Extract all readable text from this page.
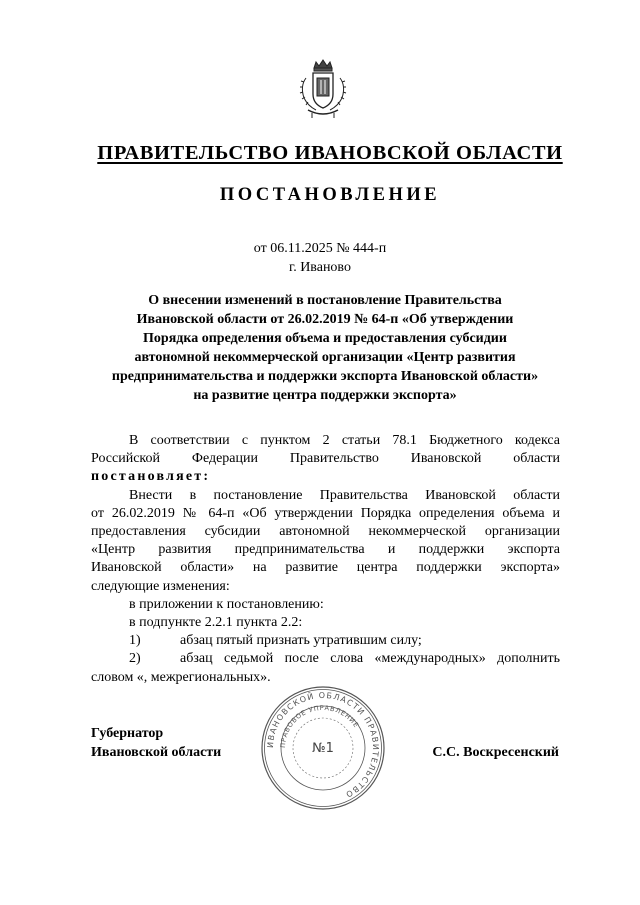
ПРАВИТЕЛЬСТВО ИВАНОВСКОЙ ОБЛАСТИ
ПОСТАНОВЛЕНИЕ
от 06.11.2025 № 444-п
г. Иваново
О внесении изменений в постановление Правительства
Ивановской области от 26.02.2019 № 64-п «Об утверждении
Порядка определения объема и предоставления субсидии
автономной некоммерческой организации «Центр развития
предпринимательства и поддержки экспорта Ивановской области»
на развитие центра поддержки экспорта»
В соответствии с пунктом 2 статьи 78.1 Бюджетного кодекса
Российской Федерации Правительство Ивановской области
постановляет:
Внести в постановление Правительства Ивановской области
от 26.02.2019 № 64-п «Об утверждении Порядка определения объема и
предоставления субсидии автономной некоммерческой организации
«Центр развития предпринимательства и поддержки экспорта
Ивановской области» на развитие центра поддержки экспорта»
следующие изменения:
в приложении к постановлению:
в подпункте 2.2.1 пункта 2.2:
1)	абзац пятый признать утратившим силу;
2)	абзац седьмой после слова «международных» дополнить
словом «, межрегиональных».
Губернатор
Ивановской области	С.С. Воскресенский
ИВАНОВСКОЙ ОБЛАСТИ ПРАВИТЕЛЬСТВО
ПРАВОВОЕ УПРАВЛЕНИЕ
№1
